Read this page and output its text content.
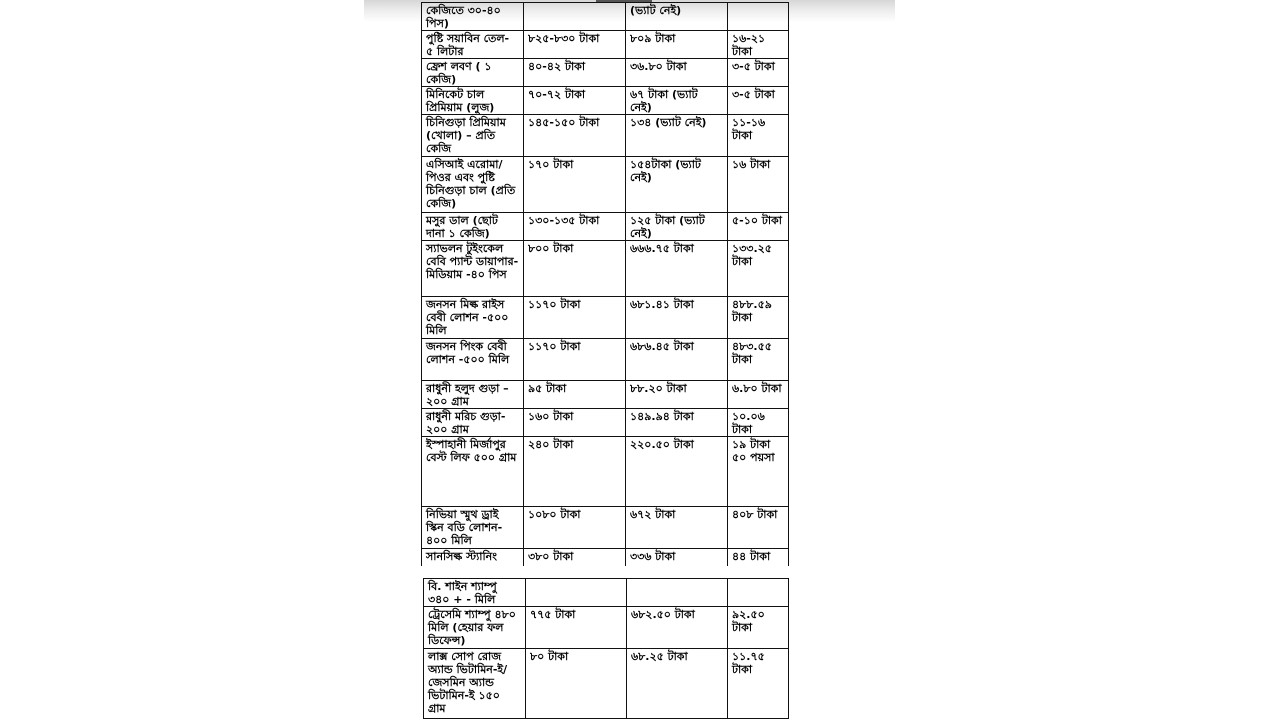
কেজিতে ৩০-৪০ পিস)		(ভ্যাট নেই)	
পুষ্টি সয়াবিন তেল- ৫ লিটার	৮২৫-৮৩০ টাকা	৮০৯ টাকা	১৬-২১ টাকা
ফ্রেশ লবণ ( ১ কেজি)	৪০-৪২ টাকা	৩৬.৮০ টাকা	৩-৫ টাকা
মিনিকেট চাল প্রিমিয়াম (লুজ)	৭০-৭২ টাকা	৬৭ টাকা (ভ্যাট নেই)	৩-৫ টাকা
চিনিগুড়া প্রিমিয়াম (খোলা) – প্রতি কেজি	১৪৫-১৫০ টাকা	১৩৪ (ভ্যাট নেই)	১১-১৬ টাকা
এসিআই এরোমা/পিওর এবং পুষ্টি চিনিগুড়া চাল (প্রতি কেজি)	১৭০ টাকা	১৫৪টাকা (ভ্যাট নেই)	১৬ টাকা
মসুর ডাল (ছোট দানা ১ কেজি)	১৩০-১৩৫ টাকা	১২৫ টাকা (ভ্যাট নেই)	৫-১০ টাকা
স্যাভলন টুইংকেল বেবি প্যান্ট ডায়াপার-মিডিয়াম -৪০ পিস	৮০০ টাকা	৬৬৬.৭৫ টাকা	১৩৩.২৫ টাকা
জনসন মিল্ক রাইস বেবী লোশন -৫০০ মিলি	১১৭০ টাকা	৬৮১.৪১ টাকা	৪৮৮.৫৯ টাকা
জনসন পিংক বেবী লোশন -৫০০ মিলি	১১৭০ টাকা	৬৮৬.৪৫ টাকা	৪৮৩.৫৫ টাকা
রাধুনী হলুদ গুড়া – ২০০ গ্রাম	৯৫ টাকা	৮৮.২০ টাকা	৬.৮০ টাকা
রাধুনী মরিচ গুড়া- ২০০ গ্রাম	১৬০ টাকা	১৪৯.৯৪ টাকা	১০.০৬ টাকা
ইস্পাহানী মির্জাপুর বেস্ট লিফ ৫০০ গ্রাম	২৪০ টাকা	২২০.৫০ টাকা	১৯ টাকা ৫০ পয়সা
নিভিয়া স্মুথ ড্রাই স্কিন বডি লোশন- ৪০০ মিলি	১০৮০ টাকা	৬৭২ টাকা	৪০৮ টাকা
সানসিল্ক স্ট্যানিং	৩৮০ টাকা	৩৩৬ টাকা	৪৪ টাকা
বি. শাইন শ্যাম্পু ৩৪০ + - মিলি			
ট্রেসেমি শ্যাম্পু ৪৮০ মিলি (হেয়ার ফল ডিফেন্স)	৭৭৫ টাকা	৬৮২.৫০ টাকা	৯২.৫০ টাকা
লাক্স সোপ রোজ অ্যান্ড ভিটামিন-ই/ জেসমিন অ্যান্ড ভিটামিন-ই ১৫০ গ্রাম	৮০ টাকা	৬৮.২৫ টাকা	১১.৭৫ টাকা
